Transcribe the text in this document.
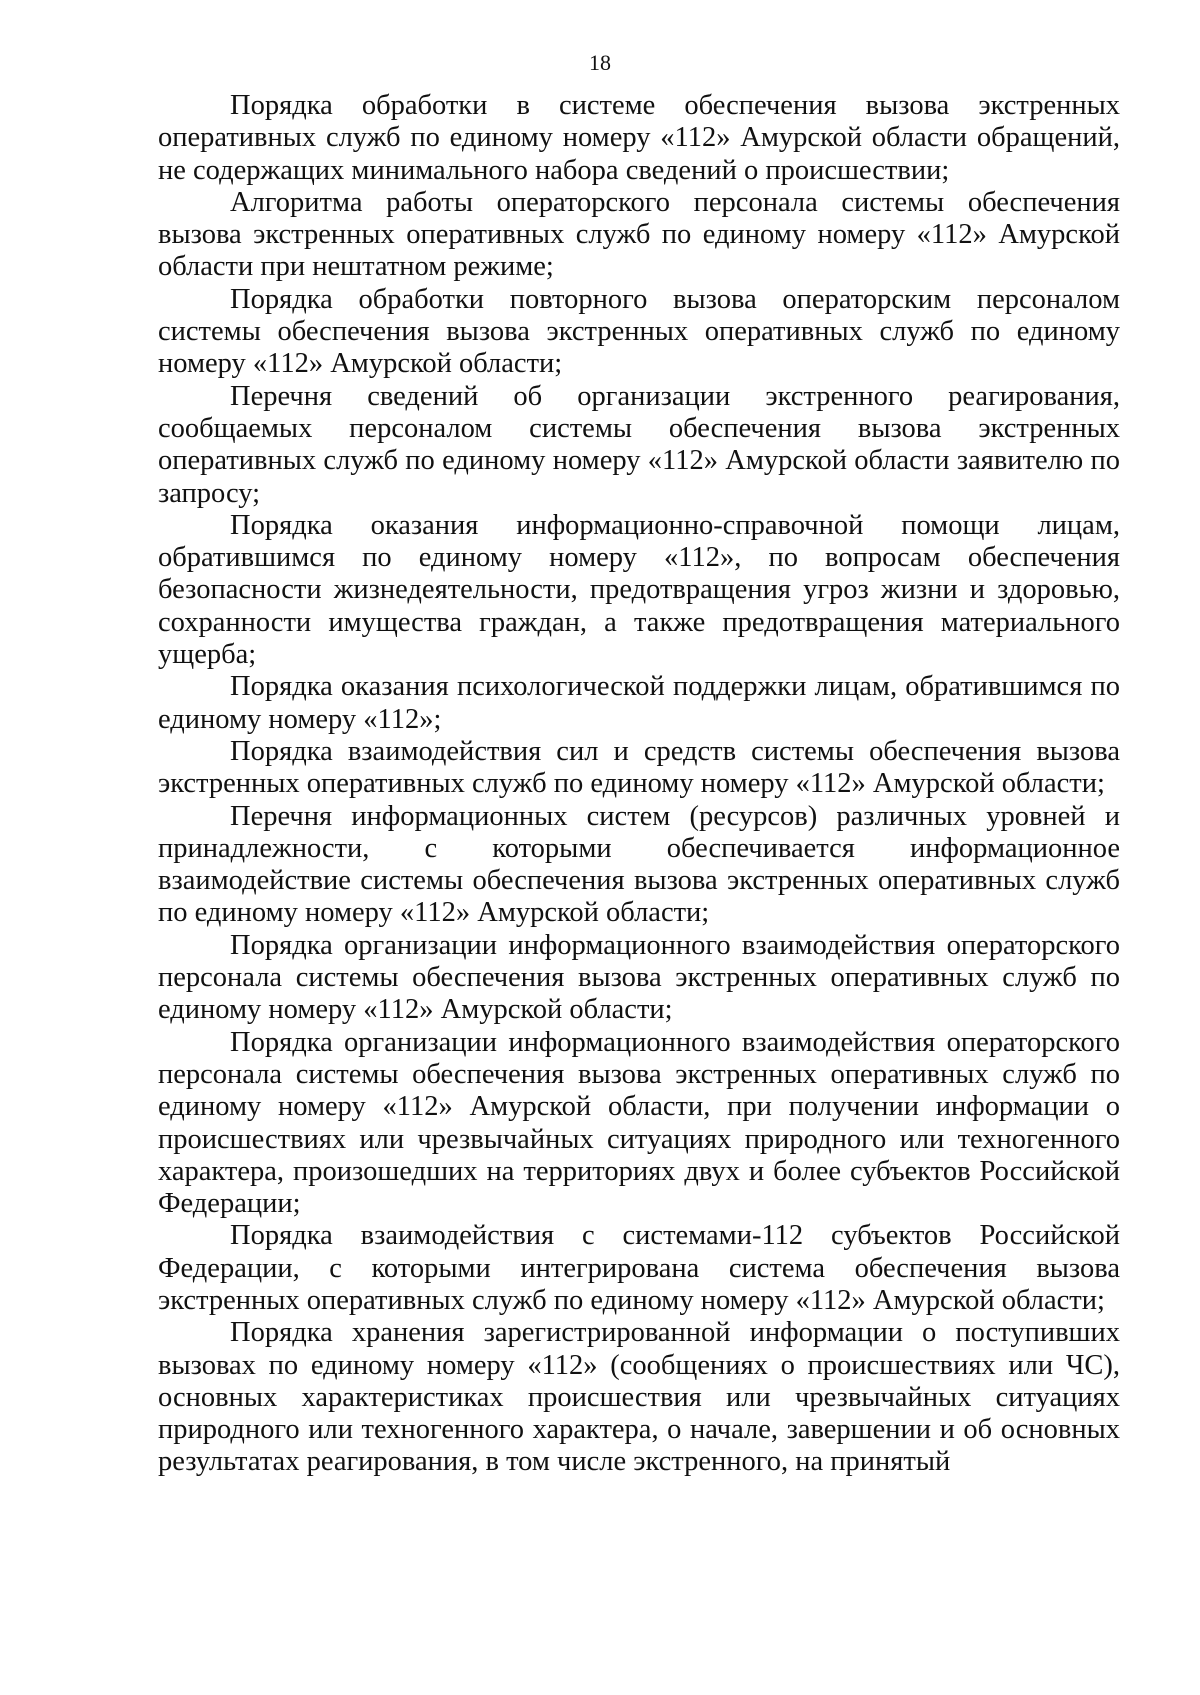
18

Порядка обработки в системе обеспечения вызова экстренных оперативных служб по единому номеру «112» Амурской области обращений, не содержащих минимального набора сведений о происшествии;

Алгоритма работы операторского персонала системы обеспечения вызова экстренных оперативных служб по единому номеру «112» Амурской области при нештатном режиме;

Порядка обработки повторного вызова операторским персоналом системы обеспечения вызова экстренных оперативных служб по единому номеру «112» Амурской области;

Перечня сведений об организации экстренного реагирования, сообщаемых персоналом системы обеспечения вызова экстренных оперативных служб по единому номеру «112» Амурской области заявителю по запросу;

Порядка оказания информационно-справочной помощи лицам, обратившимся по единому номеру «112», по вопросам обеспечения безопасности жизнедеятельности, предотвращения угроз жизни и здоровью, сохранности имущества граждан, а также предотвращения материального ущерба;

Порядка оказания психологической поддержки лицам, обратившимся по единому номеру «112»;

Порядка взаимодействия сил и средств системы обеспечения вызова экстренных оперативных служб по единому номеру «112» Амурской области;

Перечня информационных систем (ресурсов) различных уровней и принадлежности, с которыми обеспечивается информационное взаимодействие системы обеспечения вызова экстренных оперативных служб по единому номеру «112» Амурской области;

Порядка организации информационного взаимодействия операторского персонала системы обеспечения вызова экстренных оперативных служб по единому номеру «112» Амурской области;

Порядка организации информационного взаимодействия операторского персонала системы обеспечения вызова экстренных оперативных служб по единому номеру «112» Амурской области, при получении информации о происшествиях или чрезвычайных ситуациях природного или техногенного характера, произошедших на территориях двух и более субъектов Российской Федерации;

Порядка взаимодействия с системами-112 субъектов Российской Федерации, с которыми интегрирована система обеспечения вызова экстренных оперативных служб по единому номеру «112» Амурской области;

Порядка хранения зарегистрированной информации о поступивших вызовах по единому номеру «112» (сообщениях о происшествиях или ЧС), основных характеристиках происшествия или чрезвычайных ситуациях природного или техногенного характера, о начале, завершении и об основных результатах реагирования, в том числе экстренного, на принятый
